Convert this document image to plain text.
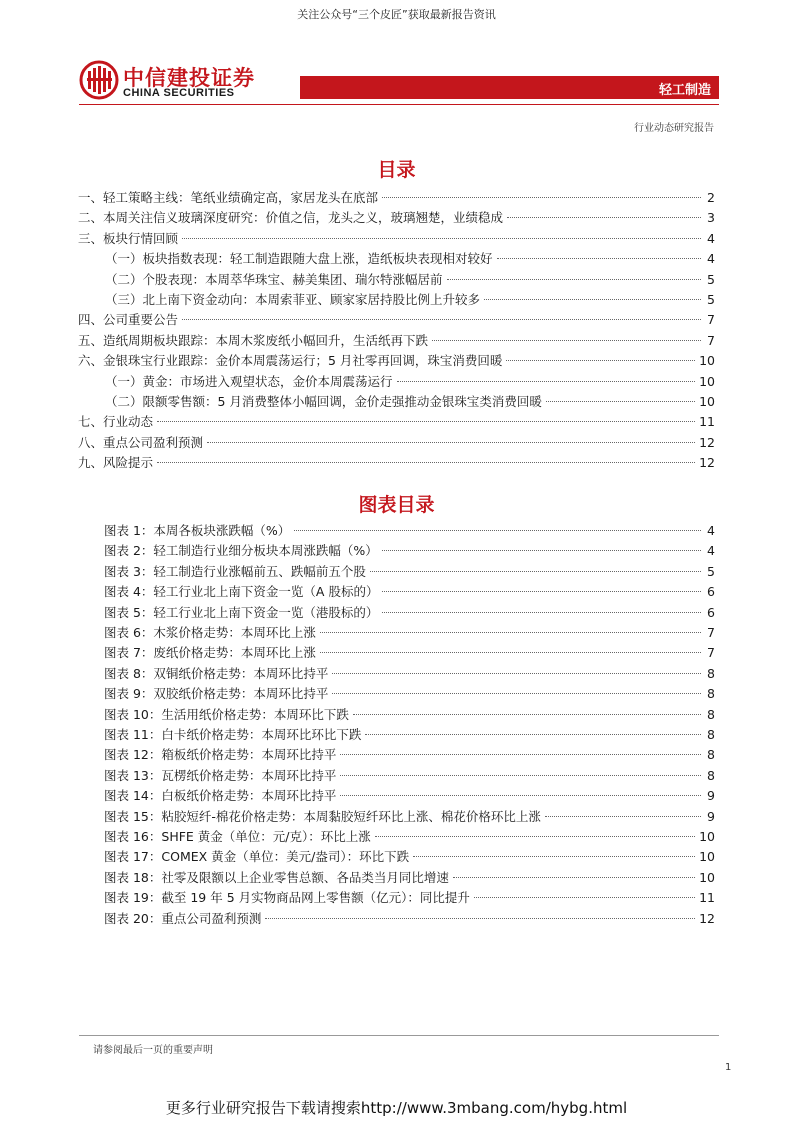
关注公众号“三个皮匠”获取最新报告资讯
中信建投证券
CHINA SECURITIES	轻工制造
行业动态研究报告
目录
一、轻工策略主线：笔纸业绩确定高，家居龙头在底部	2
二、本周关注信义玻璃深度研究：价值之信，龙头之义，玻璃翘楚，业绩稳成	3
三、板块行情回顾	4
（一）板块指数表现：轻工制造跟随大盘上涨，造纸板块表现相对较好	4
（二）个股表现：本周萃华珠宝、赫美集团、瑞尔特涨幅居前	5
（三）北上南下资金动向：本周索菲亚、顾家家居持股比例上升较多	5
四、公司重要公告	7
五、造纸周期板块跟踪：本周木浆废纸小幅回升，生活纸再下跌	7
六、金银珠宝行业跟踪：金价本周震荡运行；5 月社零再回调，珠宝消费回暖	10
（一）黄金：市场进入观望状态，金价本周震荡运行	10
（二）限额零售额：5 月消费整体小幅回调，金价走强推动金银珠宝类消费回暖	10
七、行业动态	11
八、重点公司盈利预测	12
九、风险提示	12
图表目录
图表 1：本周各板块涨跌幅（%）	4
图表 2：轻工制造行业细分板块本周涨跌幅（%）	4
图表 3：轻工制造行业涨幅前五、跌幅前五个股	5
图表 4：轻工行业北上南下资金一览（A 股标的）	6
图表 5：轻工行业北上南下资金一览（港股标的）	6
图表 6：木浆价格走势：本周环比上涨	7
图表 7：废纸价格走势：本周环比上涨	7
图表 8：双铜纸价格走势：本周环比持平	8
图表 9：双胶纸价格走势：本周环比持平	8
图表 10：生活用纸价格走势：本周环比下跌	8
图表 11：白卡纸价格走势：本周环比环比下跌	8
图表 12：箱板纸价格走势：本周环比持平	8
图表 13：瓦楞纸价格走势：本周环比持平	8
图表 14：白板纸价格走势：本周环比持平	9
图表 15：粘胶短纤-棉花价格走势：本周黏胶短纤环比上涨、棉花价格环比上涨	9
图表 16：SHFE 黄金（单位：元/克）：环比上涨	10
图表 17：COMEX 黄金（单位：美元/盎司）：环比下跌	10
图表 18：社零及限额以上企业零售总额、各品类当月同比增速	10
图表 19：截至 19 年 5 月实物商品网上零售额（亿元）：同比提升	11
图表 20：重点公司盈利预测	12
请参阅最后一页的重要声明
1
更多行业研究报告下载请搜索http://www.3mbang.com/hybg.html
